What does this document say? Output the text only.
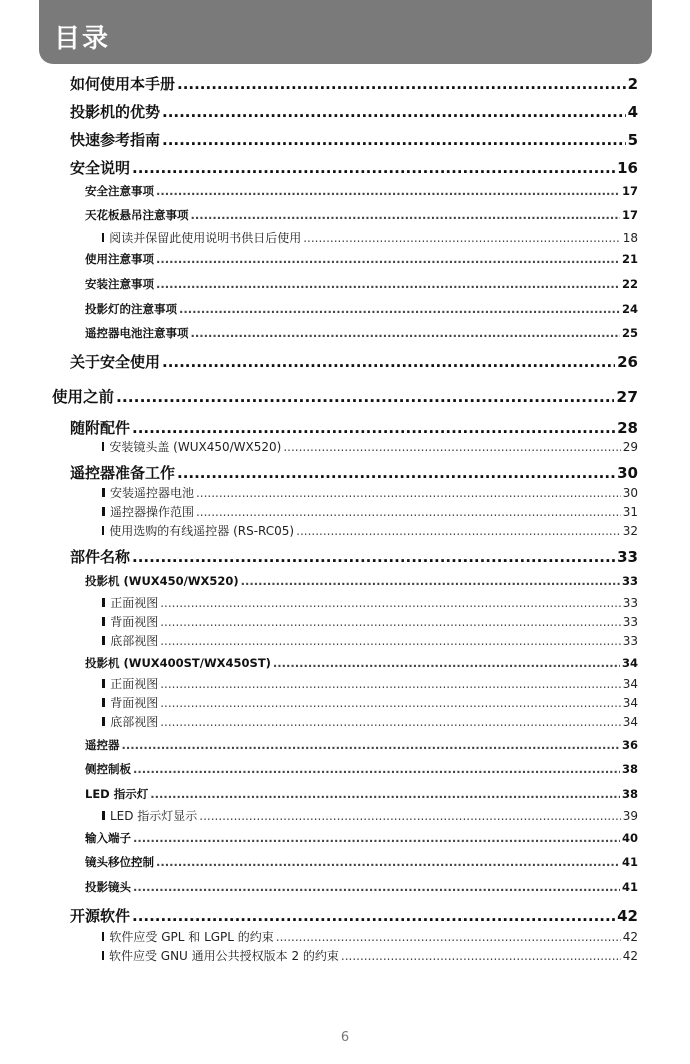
目录
如何使用本手册 .....	2
投影机的优势 .....	4
快速参考指南 .....	5
安全说明 .....	16
安全注意事项 .....	17
天花板悬吊注意事项 .....	17
阅读并保留此使用说明书供日后使用 .....	18
使用注意事项 .....	21
安装注意事项 .....	22
投影灯的注意事项 .....	24
遥控器电池注意事项 .....	25
关于安全使用 .....	26
使用之前 .....	27
随附配件 .....	28
安装镜头盖 (WUX450/WX520) .....	29
遥控器准备工作 .....	30
安装遥控器电池 .....	30
遥控器操作范围 .....	31
使用选购的有线遥控器 (RS-RC05) .....	32
部件名称 .....	33
投影机 (WUX450/WX520) .....	33
正面视图 .....	33
背面视图 .....	33
底部视图 .....	33
投影机 (WUX400ST/WX450ST) .....	34
正面视图 .....	34
背面视图 .....	34
底部视图 .....	34
遥控器 .....	36
侧控制板 .....	38
LED 指示灯 .....	38
LED 指示灯显示 .....	39
输入端子 .....	40
镜头移位控制 .....	41
投影镜头 .....	41
开源软件 .....	42
软件应受 GPL 和 LGPL 的约束 .....	42
软件应受 GNU 通用公共授权版本 2 的约束 .....	42
6
